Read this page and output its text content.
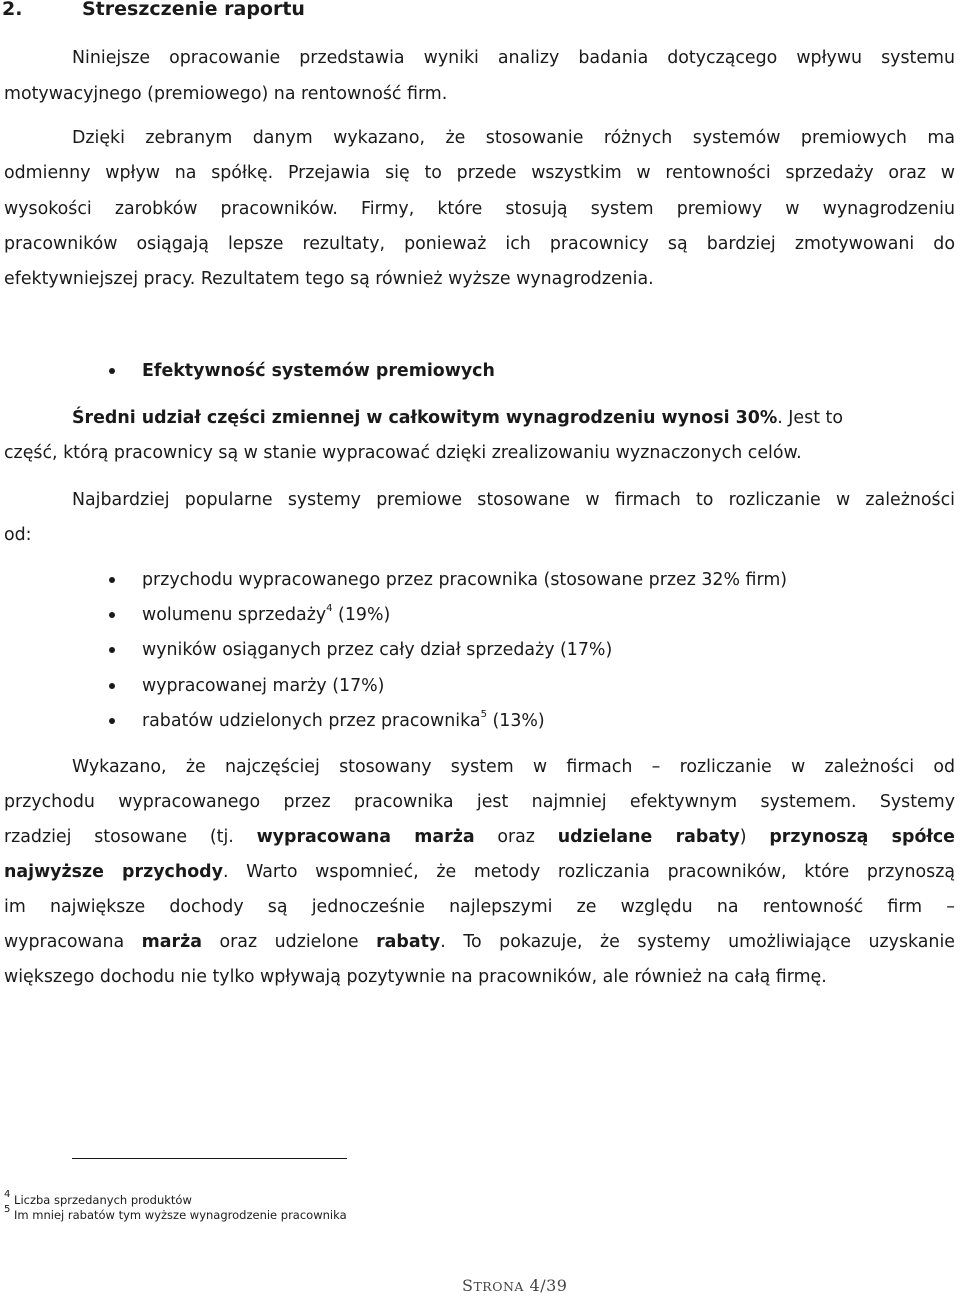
2.	Streszczenie raportu
Niniejsze opracowanie przedstawia wyniki analizy badania dotyczącego wpływu systemu
motywacyjnego (premiowego) na rentowność firm.
Dzięki zebranym danym wykazano, że stosowanie różnych systemów premiowych ma
odmienny wpływ na spółkę. Przejawia się to przede wszystkim w rentowności sprzedaży oraz w
wysokości zarobków pracowników. Firmy, które stosują system premiowy w wynagrodzeniu
pracowników osiągają lepsze rezultaty, ponieważ ich pracownicy są bardziej zmotywowani do
efektywniejszej pracy. Rezultatem tego są również wyższe wynagrodzenia.
Efektywność systemów premiowych
Średni udział części zmiennej w całkowitym wynagrodzeniu wynosi 30%. Jest to
część, którą pracownicy są w stanie wypracować dzięki zrealizowaniu wyznaczonych celów.
Najbardziej popularne systemy premiowe stosowane w firmach to rozliczanie w zależności
od:
przychodu wypracowanego przez pracownika (stosowane przez 32% firm)
wolumenu sprzedaży$^4$ (19%)
wyników osiąganych przez cały dział sprzedaży (17%)
wypracowanej marży (17%)
rabatów udzielonych przez pracownika$^5$ (13%)
Wykazano, że najczęściej stosowany system w firmach – rozliczanie w zależności od
przychodu wypracowanego przez pracownika jest najmniej efektywnym systemem. Systemy
rzadziej stosowane (tj. wypracowana marża oraz udzielane rabaty) przynoszą spółce
najwyższe przychody. Warto wspomnieć, że metody rozliczania pracowników, które przynoszą
im największe dochody są jednocześnie najlepszymi ze względu na rentowność firm –
wypracowana marża oraz udzielone rabaty. To pokazuje, że systemy umożliwiające uzyskanie
większego dochodu nie tylko wpływają pozytywnie na pracowników, ale również na całą firmę.
$^4$ Liczba sprzedanych produktów
$^5$ Im mniej rabatów tym wyższe wynagrodzenie pracownika
STRONA 4/39
